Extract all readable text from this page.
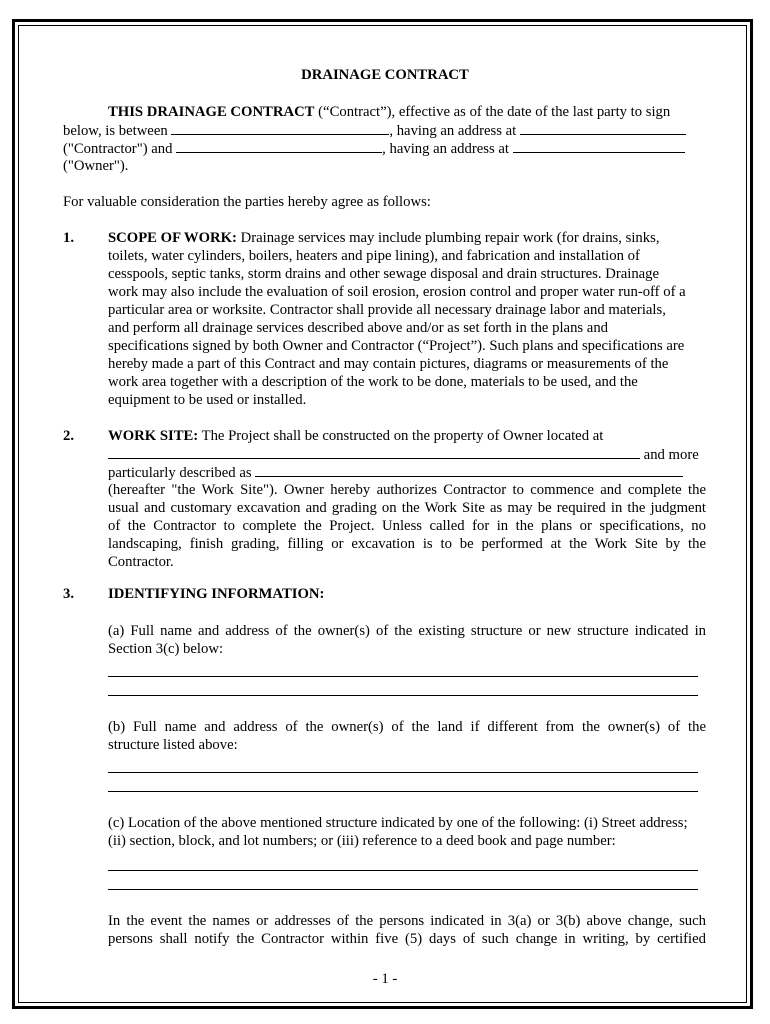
DRAINAGE CONTRACT
THIS DRAINAGE CONTRACT (“Contract”), effective as of the date of the last party to sign
below, is between	, having an address at
("Contractor") and	, having an address at
("Owner").
For valuable consideration the parties hereby agree as follows:
1. SCOPE OF WORK: Drainage services may include plumbing repair work (for drains, sinks,
toilets, water cylinders, boilers, heaters and pipe lining), and fabrication and installation of
cesspools, septic tanks, storm drains and other sewage disposal and drain structures. Drainage
work may also include the evaluation of soil erosion, erosion control and proper water run-off of a
particular area or worksite. Contractor shall provide all necessary drainage labor and materials,
and perform all drainage services described above and/or as set forth in the plans and
specifications signed by both Owner and Contractor (“Project”). Such plans and specifications are
hereby made a part of this Contract and may contain pictures, diagrams or measurements of the
work area together with a description of the work to be done, materials to be used, and the
equipment to be used or installed.
2. WORK SITE: The Project shall be constructed on the property of Owner located at
and more
particularly described as
(hereafter "the Work Site"). Owner hereby authorizes Contractor to commence and complete the
usual and customary excavation and grading on the Work Site as may be required in the judgment
of the Contractor to complete the Project. Unless called for in the plans or specifications, no
landscaping, finish grading, filling or excavation is to be performed at the Work Site by the
Contractor.
3. IDENTIFYING INFORMATION:
(a) Full name and address of the owner(s) of the existing structure or new structure indicated in
Section 3(c) below:
(b) Full name and address of the owner(s) of the land if different from the owner(s) of the
structure listed above:
(c) Location of the above mentioned structure indicated by one of the following: (i) Street address;
(ii) section, block, and lot numbers; or (iii) reference to a deed book and page number:
In the event the names or addresses of the persons indicated in 3(a) or 3(b) above change, such
persons shall notify the Contractor within five (5) days of such change in writing, by certified
- 1 -
